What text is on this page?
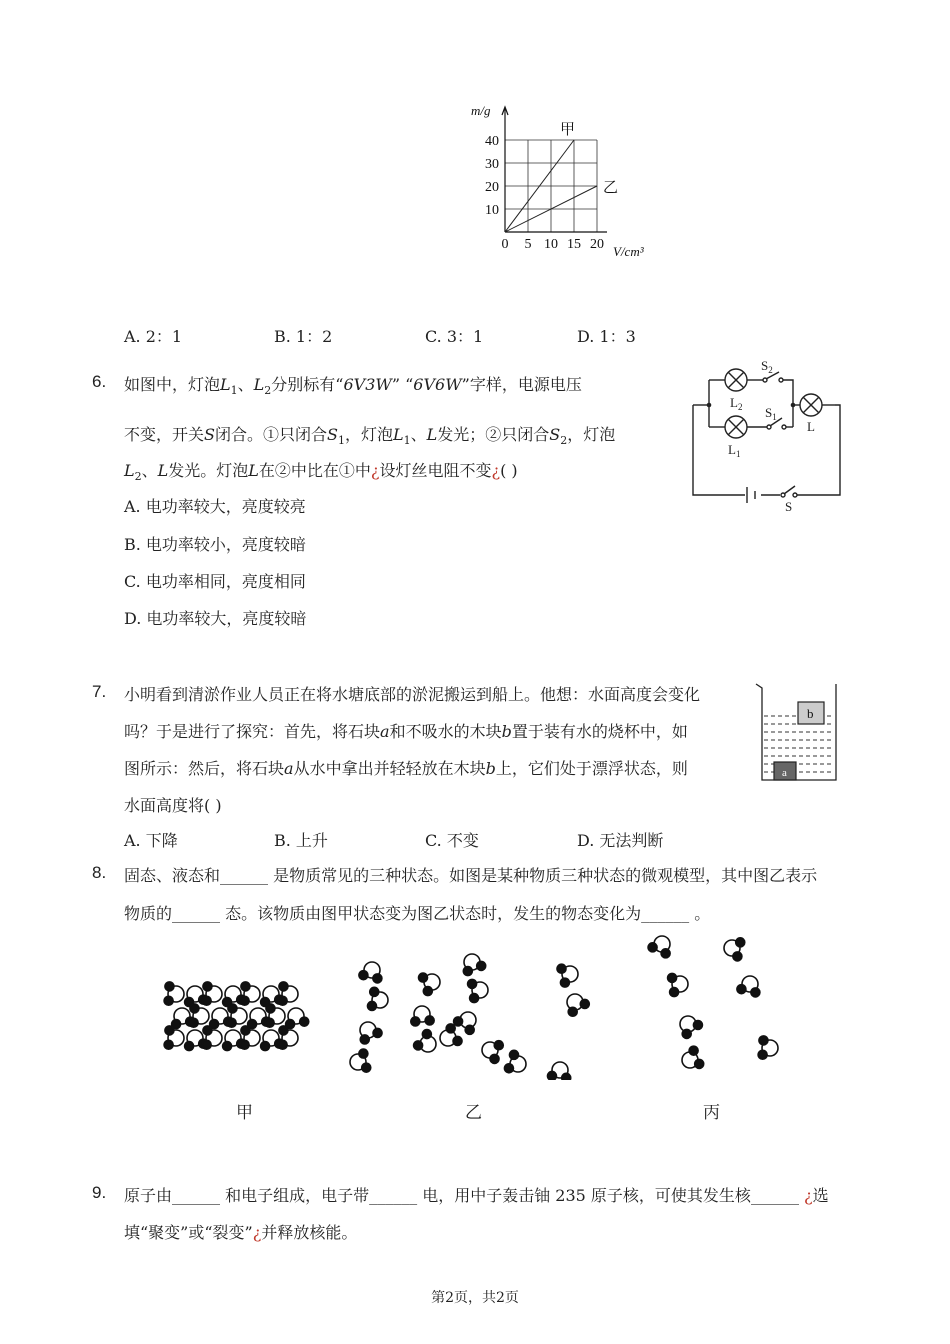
0 5 10 15 20
10
20
30
40
m/g
V/cm³
甲
乙
A. 2：1	B. 1：2	C. 3：1	D. 1：3
6. 如图中，灯泡$L_1$、$L_2$分别标有“6V3W” “6V6W”字样，电源电压
不变，开关S闭合。①只闭合$S_1$，灯泡$L_1$、L发光；②只闭合$S_2$，灯泡
$L_2$、L发光。灯泡L在②中比在①中¿设灯丝电阻不变¿( )
A. 电功率较大，亮度较亮
B. 电功率较小，亮度较暗
C. 电功率相同，亮度相同
D. 电功率较大，亮度较暗
$S_2$
$S_1$
$L_2$
$L_1$
L
S
7. 小明看到清淤作业人员正在将水塘底部的淤泥搬运到船上。他想：水面高度会变化
吗？于是进行了探究：首先，将石块a和不吸水的木块b置于装有水的烧杯中，如
图所示：然后，将石块a从水中拿出并轻轻放在木块b上，它们处于漂浮状态，则
水面高度将( )
A. 下降	B. 上升	C. 不变	D. 无法判断
b
a
8. 固态、液态和______ 是物质常见的三种状态。如图是某种物质三种状态的微观模型，其中图乙表示
物质的______ 态。该物质由图甲状态变为图乙状态时，发生的物态变化为______ 。
甲	乙	丙
9. 原子由______ 和电子组成，电子带______ 电，用中子轰击铀 235 原子核，可使其发生核______ ¿选
填“聚变”或“裂变”¿并释放核能。
第2页，共2页
